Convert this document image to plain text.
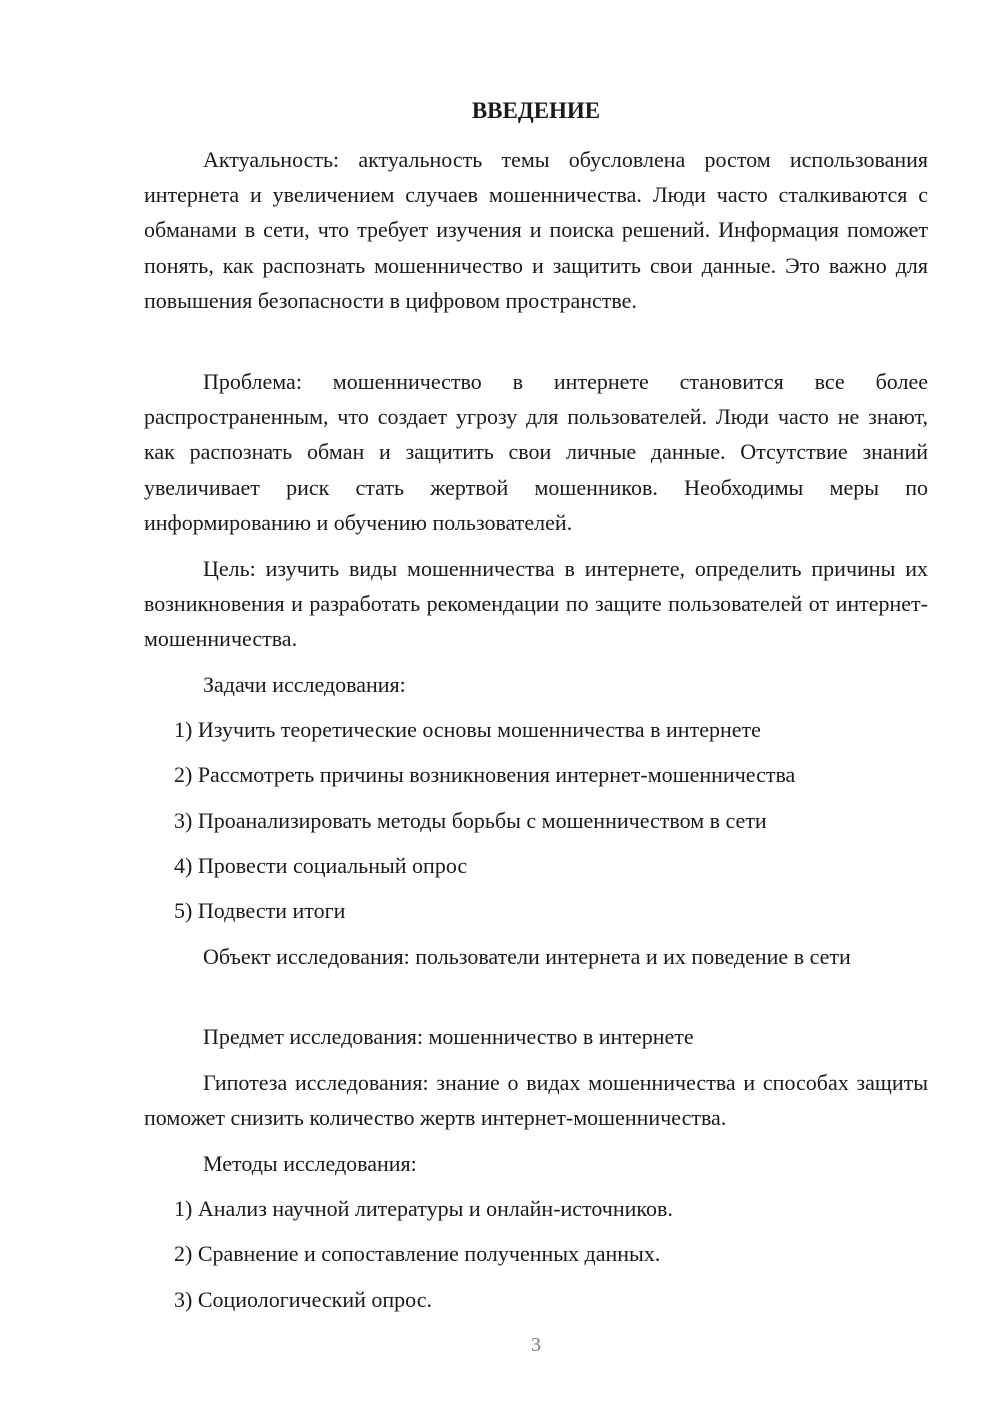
ВВЕДЕНИЕ
Актуальность: актуальность темы обусловлена ростом использования интернета и увеличением случаев мошенничества. Люди часто сталкиваются с обманами в сети, что требует изучения и поиска решений. Информация поможет понять, как распознать мошенничество и защитить свои данные. Это важно для повышения безопасности в цифровом пространстве.
Проблема: мошенничество в интернете становится все более распространенным, что создает угрозу для пользователей. Люди часто не знают, как распознать обман и защитить свои личные данные. Отсутствие знаний увеличивает риск стать жертвой мошенников. Необходимы меры по информированию и обучению пользователей.
Цель: изучить виды мошенничества в интернете, определить причины их возникновения и разработать рекомендации по защите пользователей от интернет-мошенничества.
Задачи исследования:
1) Изучить теоретические основы мошенничества в интернете
2) Рассмотреть причины возникновения интернет-мошенничества
3) Проанализировать методы борьбы с мошенничеством в сети
4) Провести социальный опрос
5) Подвести итоги
Объект исследования: пользователи интернета и их поведение в сети
Предмет исследования: мошенничество в интернете
Гипотеза исследования: знание о видах мошенничества и способах защиты поможет снизить количество жертв интернет-мошенничества.
Методы исследования:
1) Анализ научной литературы и онлайн-источников.
2) Сравнение и сопоставление полученных данных.
3) Социологический опрос.
3
